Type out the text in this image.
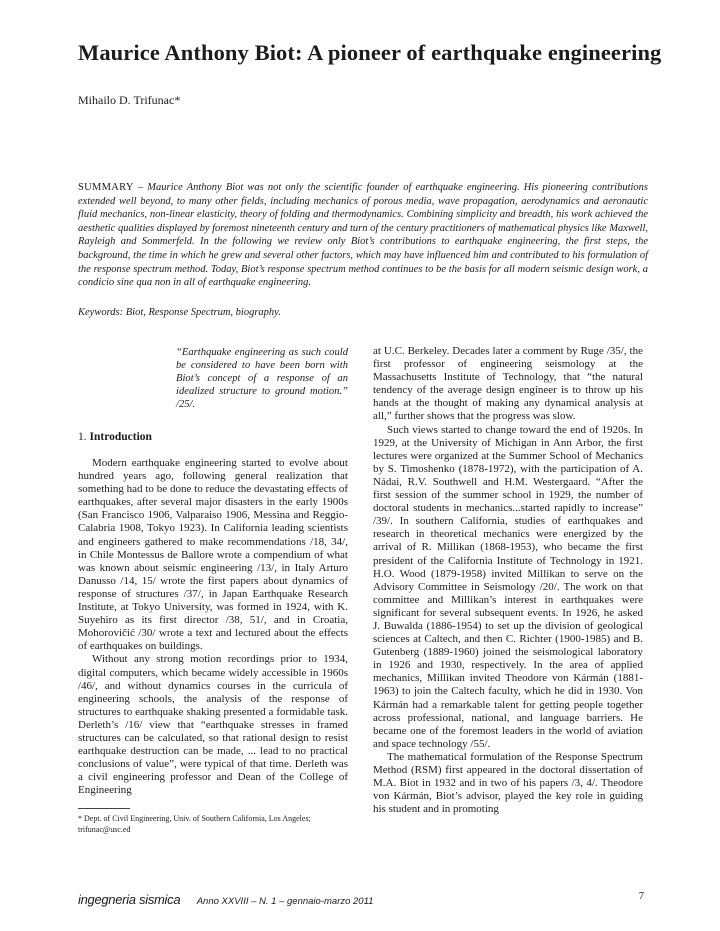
Maurice Anthony Biot: A pioneer of earthquake engineering
Mihailo D. Trifunac*
SUMMARY – Maurice Anthony Biot was not only the scientific founder of earthquake engineering. His pioneering contributions extended well beyond, to many other fields, including mechanics of porous media, wave propagation, aerodynamics and aeronautic fluid mechanics, non-linear elasticity, theory of folding and thermodynamics. Combining simplicity and breadth, his work achieved the aesthetic qualities displayed by foremost nineteenth century and turn of the century practitioners of mathematical physics like Maxwell, Rayleigh and Sommerfeld. In the following we review only Biot’s contributions to earthquake engineering, the first steps, the background, the time in which he grew and several other factors, which may have influenced him and contributed to his formulation of the response spectrum method. Today, Biot’s response spectrum method continues to be the basis for all modern seismic design work, a condicio sine qua non in all of earthquake engineering.
Keywords: Biot, Response Spectrum, biography.
“Earthquake engineering as such could be considered to have been born with Biot’s concept of a response of an idealized structure to ground motion.” /25/.
1. Introduction

Modern earthquake engineering started to evolve about hundred years ago, following general realization that something had to be done to reduce the devastating effects of earthquakes, after several major disasters in the early 1900s (San Francisco 1906, Valparaiso 1906, Messina and Reggio-Calabria 1908, Tokyo 1923). In California leading scientists and engineers gathered to make recommendations /18, 34/, in Chile Montessus de Ballore wrote a compendium of what was known about seismic engineering /13/, in Italy Arturo Danusso /14, 15/ wrote the first papers about dynamics of response of structures /37/, in Japan Earthquake Research Institute, at Tokyo University, was formed in 1924, with K. Suyehiro as its first director /38, 51/, and in Croatia, Mohorovičić /30/ wrote a text and lectured about the effects of earthquakes on buildings.

Without any strong motion recordings prior to 1934, digital computers, which became widely accessible in 1960s /46/, and without dynamics courses in the curricula of engineering schools, the analysis of the response of structures to earthquake shaking presented a formidable task. Derleth’s /16/ view that “earthquake stresses in framed structures can be calculated, so that rational design to resist earthquake destruction can be made, ... lead to no practical conclusions of value”, were typical of that time. Derleth was a civil engineering professor and Dean of the College of Engineering

at U.C. Berkeley. Decades later a comment by Ruge /35/, the first professor of engineering seismology at the Massachusetts Institute of Technology, that “the natural tendency of the average design engineer is to throw up his hands at the thought of making any dynamical analysis at all,” further shows that the progress was slow.

Such views started to change toward the end of 1920s. In 1929, at the University of Michigan in Ann Arbor, the first lectures were organized at the Summer School of Mechanics by S. Timoshenko (1878-1972), with the participation of A. Nádai, R.V. Southwell and H.M. Westergaard. “After the first session of the summer school in 1929, the number of doctoral students in mechanics...started rapidly to increase” /39/. In southern California, studies of earthquakes and research in theoretical mechanics were energized by the arrival of R. Millikan (1868-1953), who became the first president of the California Institute of Technology in 1921. H.O. Wood (1879-1958) invited Millikan to serve on the Advisory Committee in Seismology /20/. The work on that committee and Millikan’s interest in earthquakes were significant for several subsequent events. In 1926, he asked J. Buwalda (1886-1954) to set up the division of geological sciences at Caltech, and then C. Richter (1900-1985) and B. Gutenberg (1889-1960) joined the seismological laboratory in 1926 and 1930, respectively. In the area of applied mechanics, Millikan invited Theodore von Kármán (1881-1963) to join the Caltech faculty, which he did in 1930. Von Kármán had a remarkable talent for getting people together across professional, national, and language barriers. He became one of the foremost leaders in the world of aviation and space technology /55/.

The mathematical formulation of the Response Spectrum Method (RSM) first appeared in the doctoral dissertation of M.A. Biot in 1932 and in two of his papers /3, 4/. Theodore von Kármán, Biot’s advisor, played the key role in guiding his student and in promoting

* Dept. of Civil Engineering, Univ. of Southern California, Los Angeles; trifunac@usc.ed
ingegneria sismica Anno XXVIII – N. 1 – gennaio-marzo 2011	7
